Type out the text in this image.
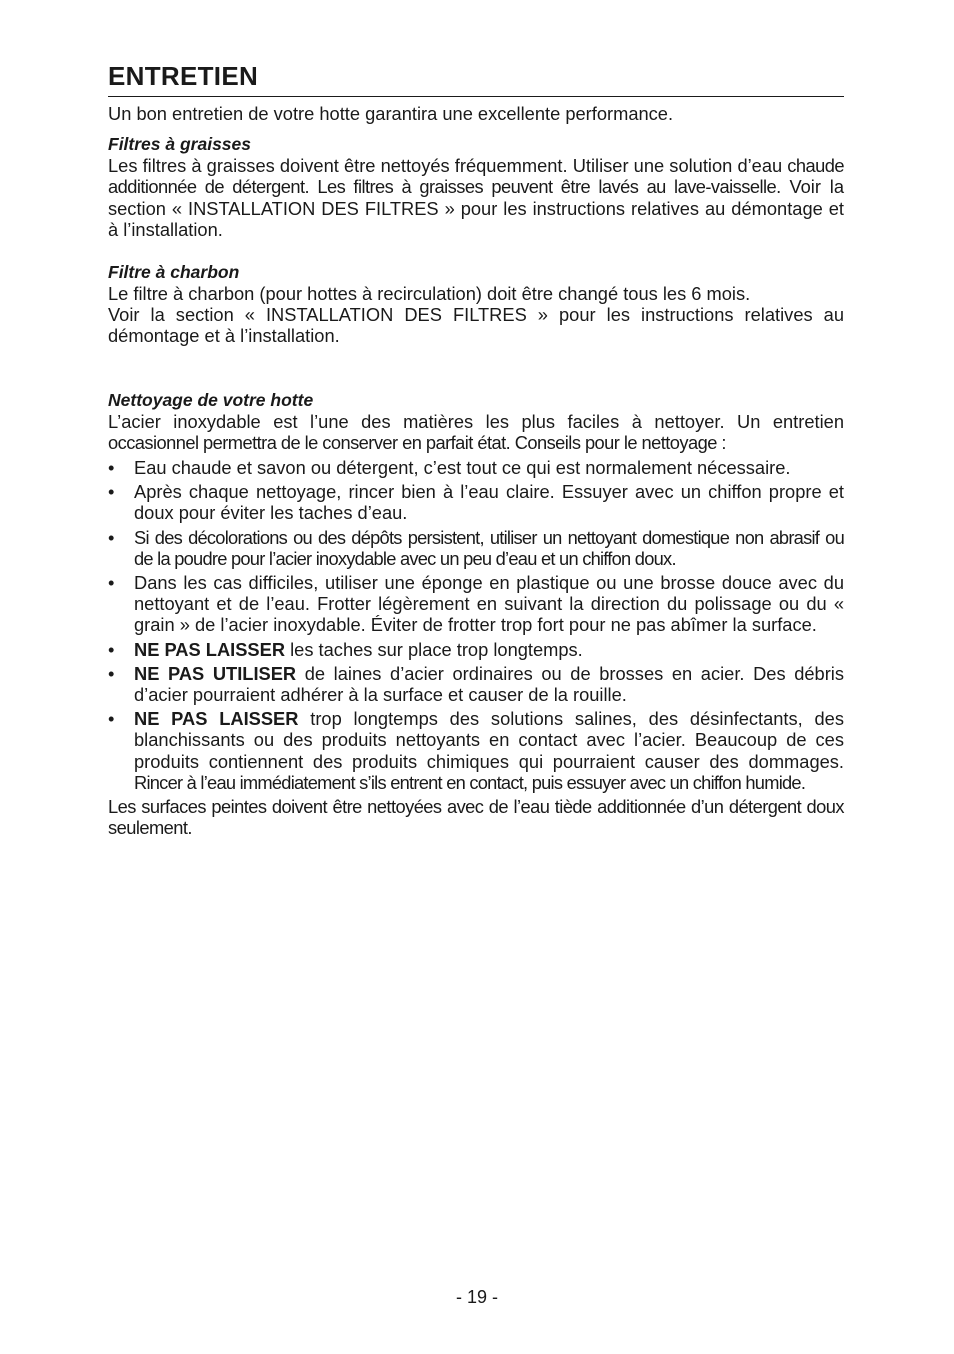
ENTRETIEN

Un bon entretien de votre hotte garantira une excellente performance.

Filtres à graisses

Les filtres à graisses doivent être nettoyés fréquemment. Utiliser une solution d’eau chaude additionnée de détergent. Les filtres à graisses peuvent être lavés au lave-vaisselle. Voir la section « INSTALLATION DES FILTRES » pour les instructions relatives au démontage et à l’installation.

Filtre à charbon

Le filtre à charbon (pour hottes à recirculation) doit être changé tous les 6 mois.
Voir la section « INSTALLATION DES FILTRES » pour les instructions relatives au démontage et à l’installation.

Nettoyage de votre hotte

L’acier inoxydable est l’une des matières les plus faciles à nettoyer. Un entretien occasionnel permettra de le conserver en parfait état. Conseils pour le nettoyage :

• Eau chaude et savon ou détergent, c’est tout ce qui est normalement nécessaire.
• Après chaque nettoyage, rincer bien à l’eau claire. Essuyer avec un chiffon propre et doux pour éviter les taches d’eau.
• Si des décolorations ou des dépôts persistent, utiliser un nettoyant domestique non abrasif ou de la poudre pour l’acier inoxydable avec un peu d’eau et un chiffon doux.
• Dans les cas difficiles, utiliser une éponge en plastique ou une brosse douce avec du nettoyant et de l’eau. Frotter légèrement en suivant la direction du polissage ou du « grain » de l’acier inoxydable. Éviter de frotter trop fort pour ne pas abîmer la surface.
• NE PAS LAISSER les taches sur place trop longtemps.
• NE PAS UTILISER de laines d’acier ordinaires ou de brosses en acier. Des débris d’acier pourraient adhérer à la surface et causer de la rouille.
• NE PAS LAISSER trop longtemps des solutions salines, des désinfectants, des blanchissants ou des produits nettoyants en contact avec l’acier. Beaucoup de ces produits contiennent des produits chimiques qui pourraient causer des dommages. Rincer à l’eau immédiatement s’ils entrent en contact, puis essuyer avec un chiffon humide.

Les surfaces peintes doivent être nettoyées avec de l’eau tiède additionnée d’un détergent doux seulement.

- 19 -
